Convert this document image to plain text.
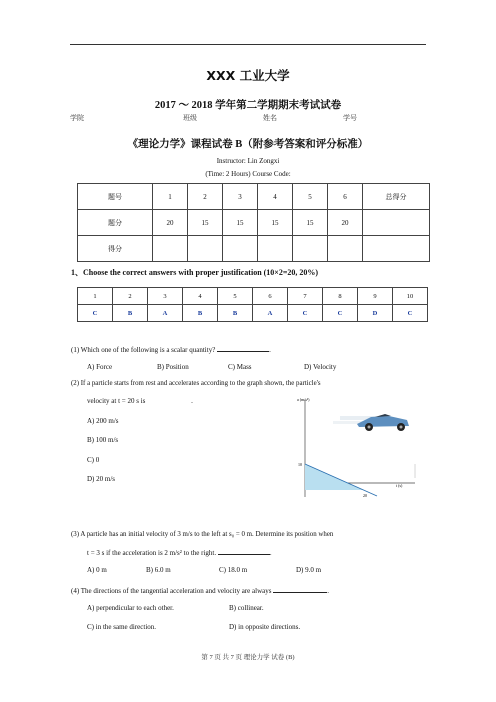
XXX 工业大学
2017 ～ 2018 学年第二学期期末考试试卷
学院	班级	姓名	学号
《理论力学》课程试卷 B（附参考答案和评分标准）
Instructor: Lin Zongxi
(Time: 2 Hours) Course Code:
题号	1	2	3	4	5	6	总得分
题分	20	15	15	15	15	20	
得分							
1、Choose the correct answers with proper justification (10×2=20, 20%)
1	2	3	4	5	6	7	8	9	10
C	B	A	B	B	A	C	C	D	C
(1) Which one of the following is a scalar quantity?	.
A) Force	B) Position	C) Mass	D) Velocity
(2) If a particle starts from rest and accelerates according to the graph shown, the particle's
velocity at t = 20 s is	.
A) 200 m/s
B) 100 m/s
C) 0
D) 20 m/s
a (m/s²)
10
20
t (s)
(3) A particle has an initial velocity of 3 m/s to the left at s₀ = 0 m. Determine its position when
t = 3 s if the acceleration is 2 m/s² to the right.	.
A) 0 m	B) 6.0 m	C) 18.0 m	D) 9.0 m
(4) The directions of the tangential acceleration and velocity are always	.
A) perpendicular to each other.	B) collinear.
C) in the same direction.	D) in opposite directions.
第 7 页 共 7 页 理论力学 试卷 (B)
